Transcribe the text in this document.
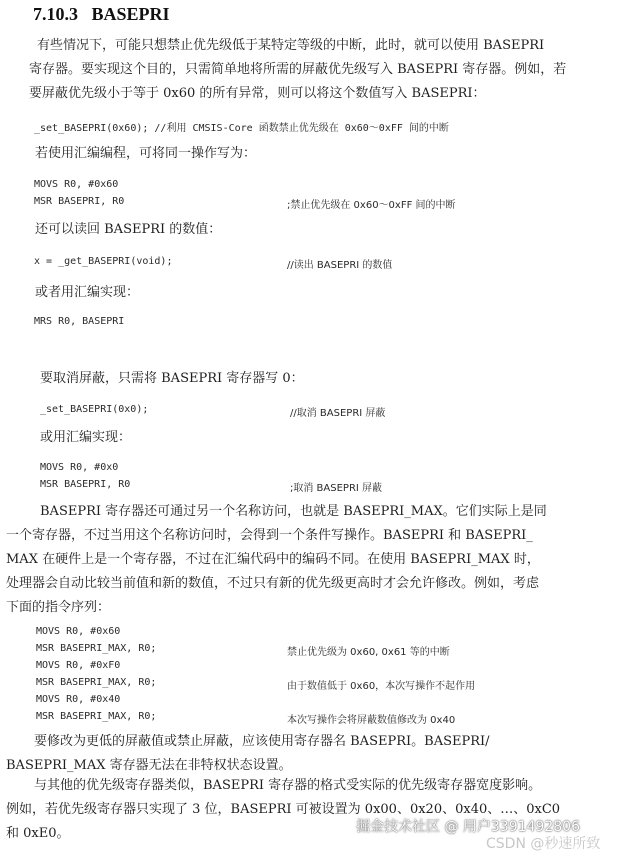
7.10.3 BASEPRI
有些情况下，可能只想禁止优先级低于某特定等级的中断，此时，就可以使用 BASEPRI
寄存器。要实现这个目的，只需简单地将所需的屏蔽优先级写入 BASEPRI 寄存器。例如，若
要屏蔽优先级小于等于 0x60 的所有异常，则可以将这个数值写入 BASEPRI：
_set_BASEPRI(0x60); //利用 CMSIS-Core 函数禁止优先级在 0x60～0xFF 间的中断
若使用汇编编程，可将同一操作写为：
MOVS R0, #0x60
MSR BASEPRI, R0	;禁止优先级在 0x60～0xFF 间的中断
还可以读回 BASEPRI 的数值：
x = _get_BASEPRI(void);	//读出 BASEPRI 的数值
或者用汇编实现：
MRS R0, BASEPRI
要取消屏蔽，只需将 BASEPRI 寄存器写 0：
_set_BASEPRI(0x0);	//取消 BASEPRI 屏蔽
或用汇编实现：
MOVS R0, #0x0
MSR BASEPRI, R0	;取消 BASEPRI 屏蔽
BASEPRI 寄存器还可通过另一个名称访问，也就是 BASEPRI_MAX。它们实际上是同
一个寄存器，不过当用这个名称访问时，会得到一个条件写操作。BASEPRI 和 BASEPRI_
MAX 在硬件上是一个寄存器，不过在汇编代码中的编码不同。在使用 BASEPRI_MAX 时，
处理器会自动比较当前值和新的数值，不过只有新的优先级更高时才会允许修改。例如，考虑
下面的指令序列：
MOVS R0, #0x60
MSR BASEPRI_MAX, R0;	禁止优先级为 0x60, 0x61 等的中断
MOVS R0, #0xF0
MSR BASEPRI_MAX, R0;	由于数值低于 0x60，本次写操作不起作用
MOVS R0, #0x40
MSR BASEPRI_MAX, R0;	本次写操作会将屏蔽数值修改为 0x40
要修改为更低的屏蔽值或禁止屏蔽，应该使用寄存器名 BASEPRI。BASEPRI/
BASEPRI_MAX 寄存器无法在非特权状态设置。
与其他的优先级寄存器类似，BASEPRI 寄存器的格式受实际的优先级寄存器宽度影响。
例如，若优先级寄存器只实现了 3 位，BASEPRI 可被设置为 0x00、0x20、0x40、…、0xC0
和 0xE0。	掘金技术社区 @ 用户3391492806
CSDN @秒速所致
